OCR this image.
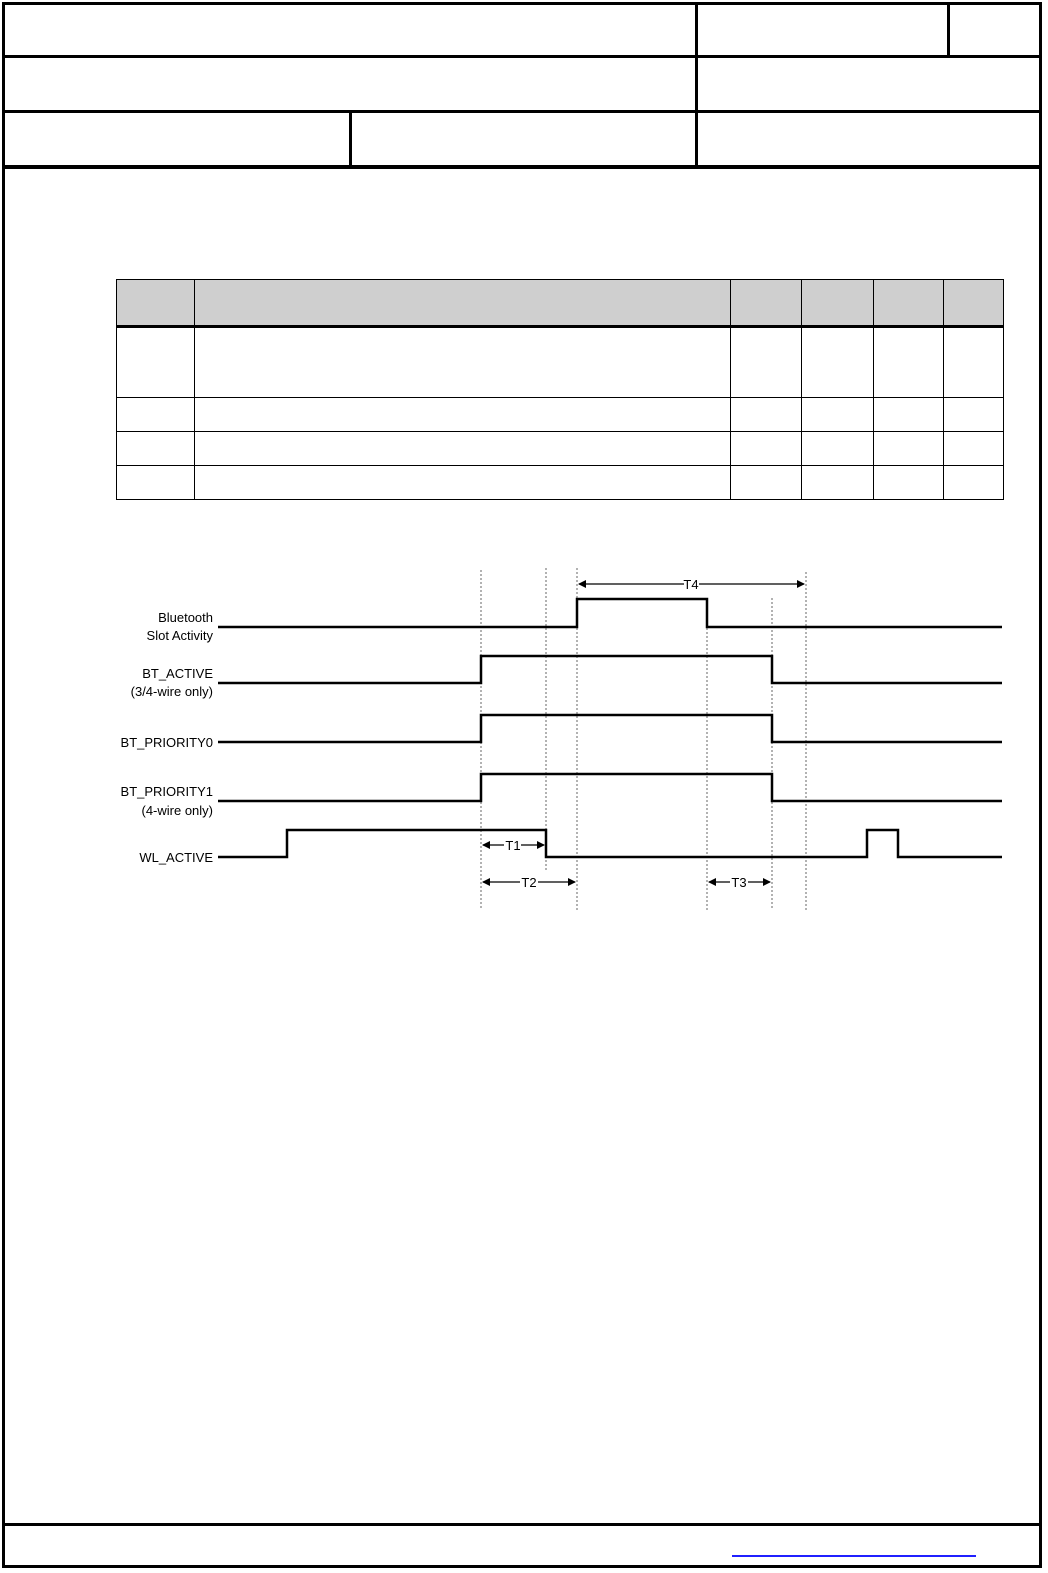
Bluetooth
Slot Activity
BT_ACTIVE
(3/4-wire only)
BT_PRIORITY0
BT_PRIORITY1
(4-wire only)
WL_ACTIVE
T4
T1
T2	T3
